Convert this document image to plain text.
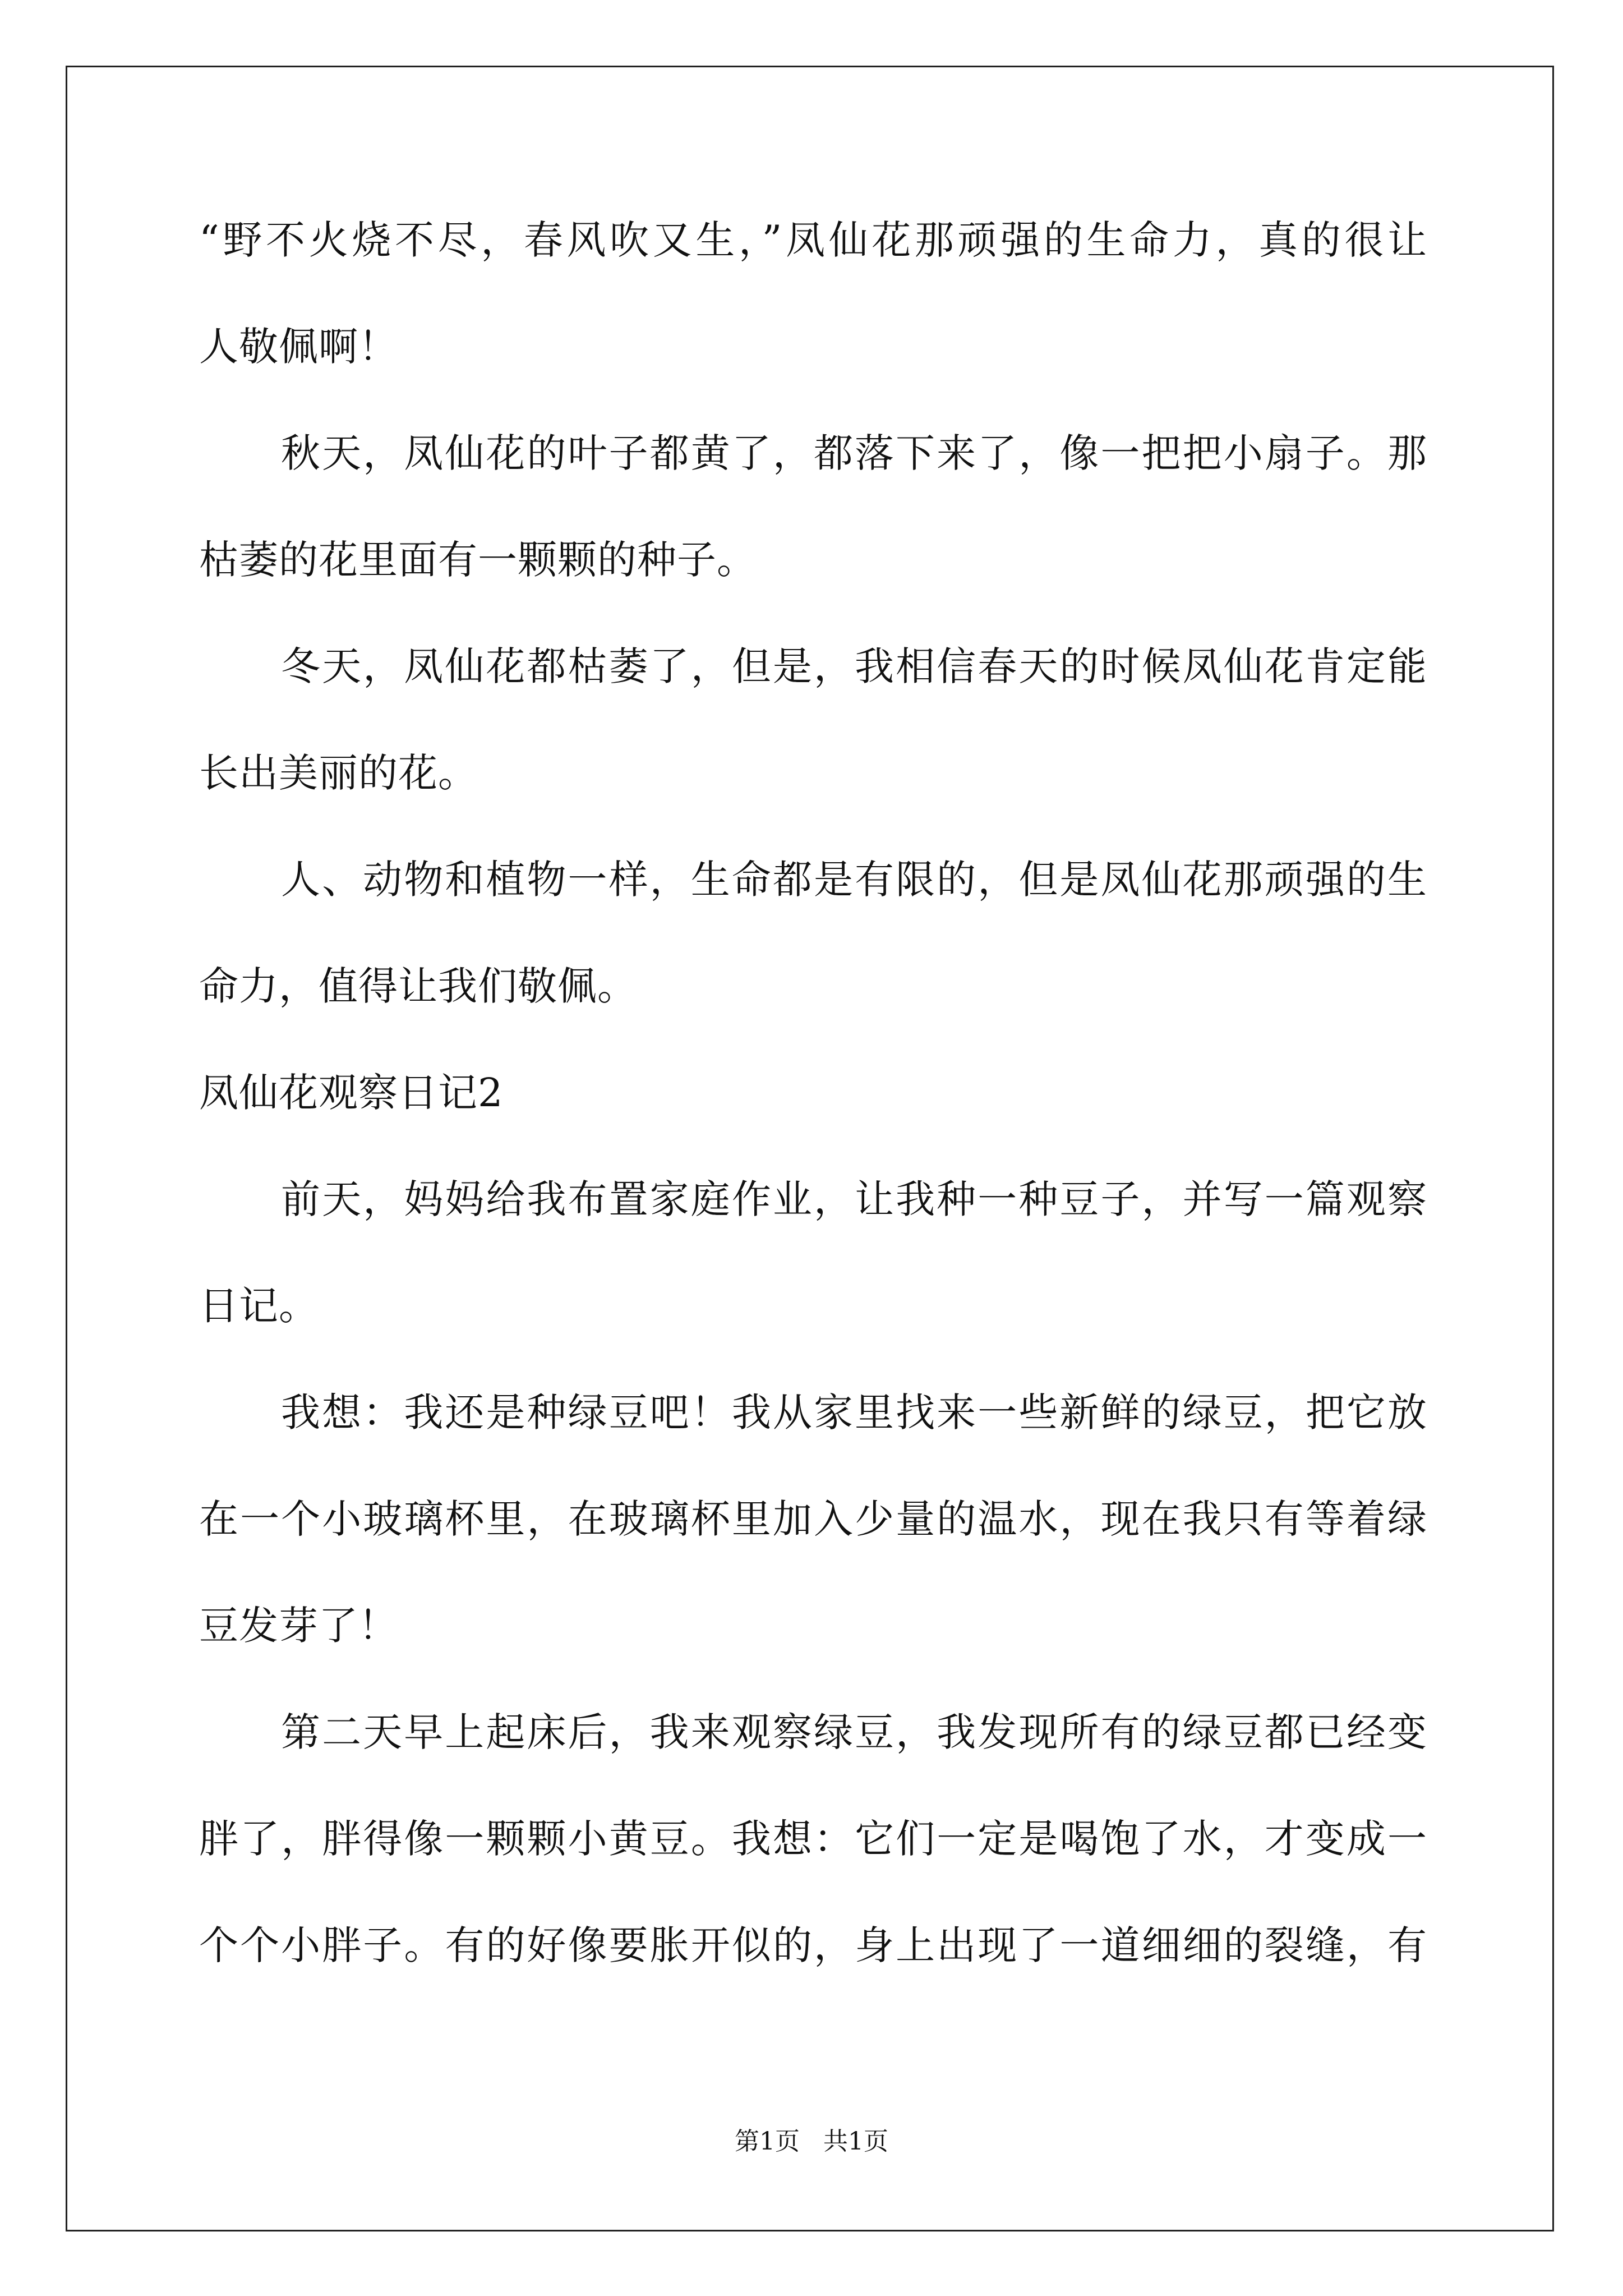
“野不火烧不尽，春风吹又生，”凤仙花那顽强的生命力，真的很让
人敬佩啊！
秋天，凤仙花的叶子都黄了，都落下来了，像一把把小扇子。那
枯萎的花里面有一颗颗的种子。
冬天，凤仙花都枯萎了，但是，我相信春天的时候凤仙花肯定能
长出美丽的花。
人、动物和植物一样，生命都是有限的，但是凤仙花那顽强的生
命力，值得让我们敬佩。
凤仙花观察日记2
前天，妈妈给我布置家庭作业，让我种一种豆子，并写一篇观察
日记。
我想：我还是种绿豆吧！我从家里找来一些新鲜的绿豆，把它放
在一个小玻璃杯里，在玻璃杯里加入少量的温水，现在我只有等着绿
豆发芽了！
第二天早上起床后，我来观察绿豆，我发现所有的绿豆都已经变
胖了，胖得像一颗颗小黄豆。我想：它们一定是喝饱了水，才变成一
个个小胖子。有的好像要胀开似的，身上出现了一道细细的裂缝，有
第1页   共1页
